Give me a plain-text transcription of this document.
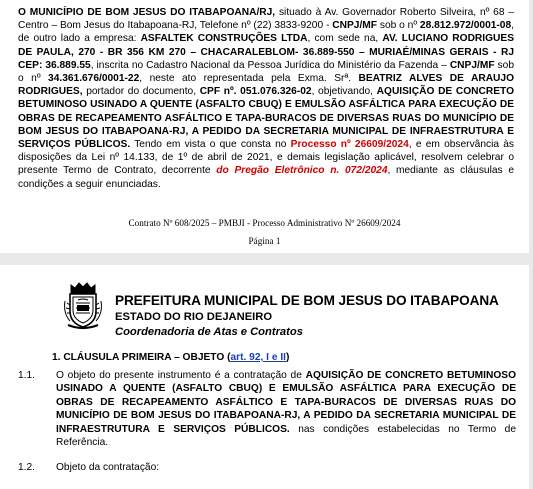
O MUNICÍPIO DE BOM JESUS DO ITABAPOANA/RJ, situado à Av. Governador Roberto Silveira, nº 68 – Centro – Bom Jesus do Itabapoana-RJ, Telefone nº (22) 3833-9200 - CNPJ/MF sob o nº 28.812.972/0001-08, de outro lado a empresa: ASFALTEK CONSTRUÇÕES LTDA, com sede na, AV. LUCIANO RODRIGUES DE PAULA, 270 - BR 356 KM 270 – CHACARALEBLOM- 36.889-550 – MURIAÉ/MINAS GERAIS - RJ CEP: 36.889.55, inscrita no Cadastro Nacional da Pessoa Jurídica do Ministério da Fazenda – CNPJ/MF sob o nº 34.361.676/0001-22, neste ato representada pela Exma. Srª. BEATRIZ ALVES DE ARAUJO RODRIGUES, portador do documento, CPF nº. 051.076.326-02, objetivando, AQUISIÇÃO DE CONCRETO BETUMINOSO USINADO A QUENTE (ASFALTO CBUQ) E EMULSÃO ASFÁLTICA PARA EXECUÇÃO DE OBRAS DE RECAPEAMENTO ASFÁLTICO E TAPA-BURACOS DE DIVERSAS RUAS DO MUNICÍPIO DE BOM JESUS DO ITABAPOANA-RJ, A PEDIDO DA SECRETARIA MUNICIPAL DE INFRAESTRUTURA E SERVIÇOS PÚBLICOS. Tendo em vista o que consta no Processo nº 26609/2024, e em observância às disposições da Lei nº 14.133, de 1º de abril de 2021, e demais legislação aplicável, resolvem celebrar o presente Termo de Contrato, decorrente do Pregão Eletrônico n. 072/2024, mediante as cláusulas e condições a seguir enunciadas.
Contrato Nº 608/2025 – PMBJI - Processo Administrativo Nº 26609/2024
Página 1
PREFEITURA MUNICIPAL DE BOM JESUS DO ITABAPOANA
ESTADO DO RIO DEJANEIRO
Coordenadoria de Atas e Contratos
1. CLÁUSULA PRIMEIRA – OBJETO (art. 92, I e II)
1.1.	O objeto do presente instrumento é a contratação de AQUISIÇÃO DE CONCRETO BETUMINOSO USINADO A QUENTE (ASFALTO CBUQ) E EMULSÃO ASFÁLTICA PARA EXECUÇÃO DE OBRAS DE RECAPEAMENTO ASFÁLTICO E TAPA-BURACOS DE DIVERSAS RUAS DO MUNICÍPIO DE BOM JESUS DO ITABAPOANA-RJ, A PEDIDO DA SECRETARIA MUNICIPAL DE INFRAESTRUTURA E SERVIÇOS PÚBLICOS. nas condições estabelecidas no Termo de Referência.
1.2.	Objeto da contratação:
